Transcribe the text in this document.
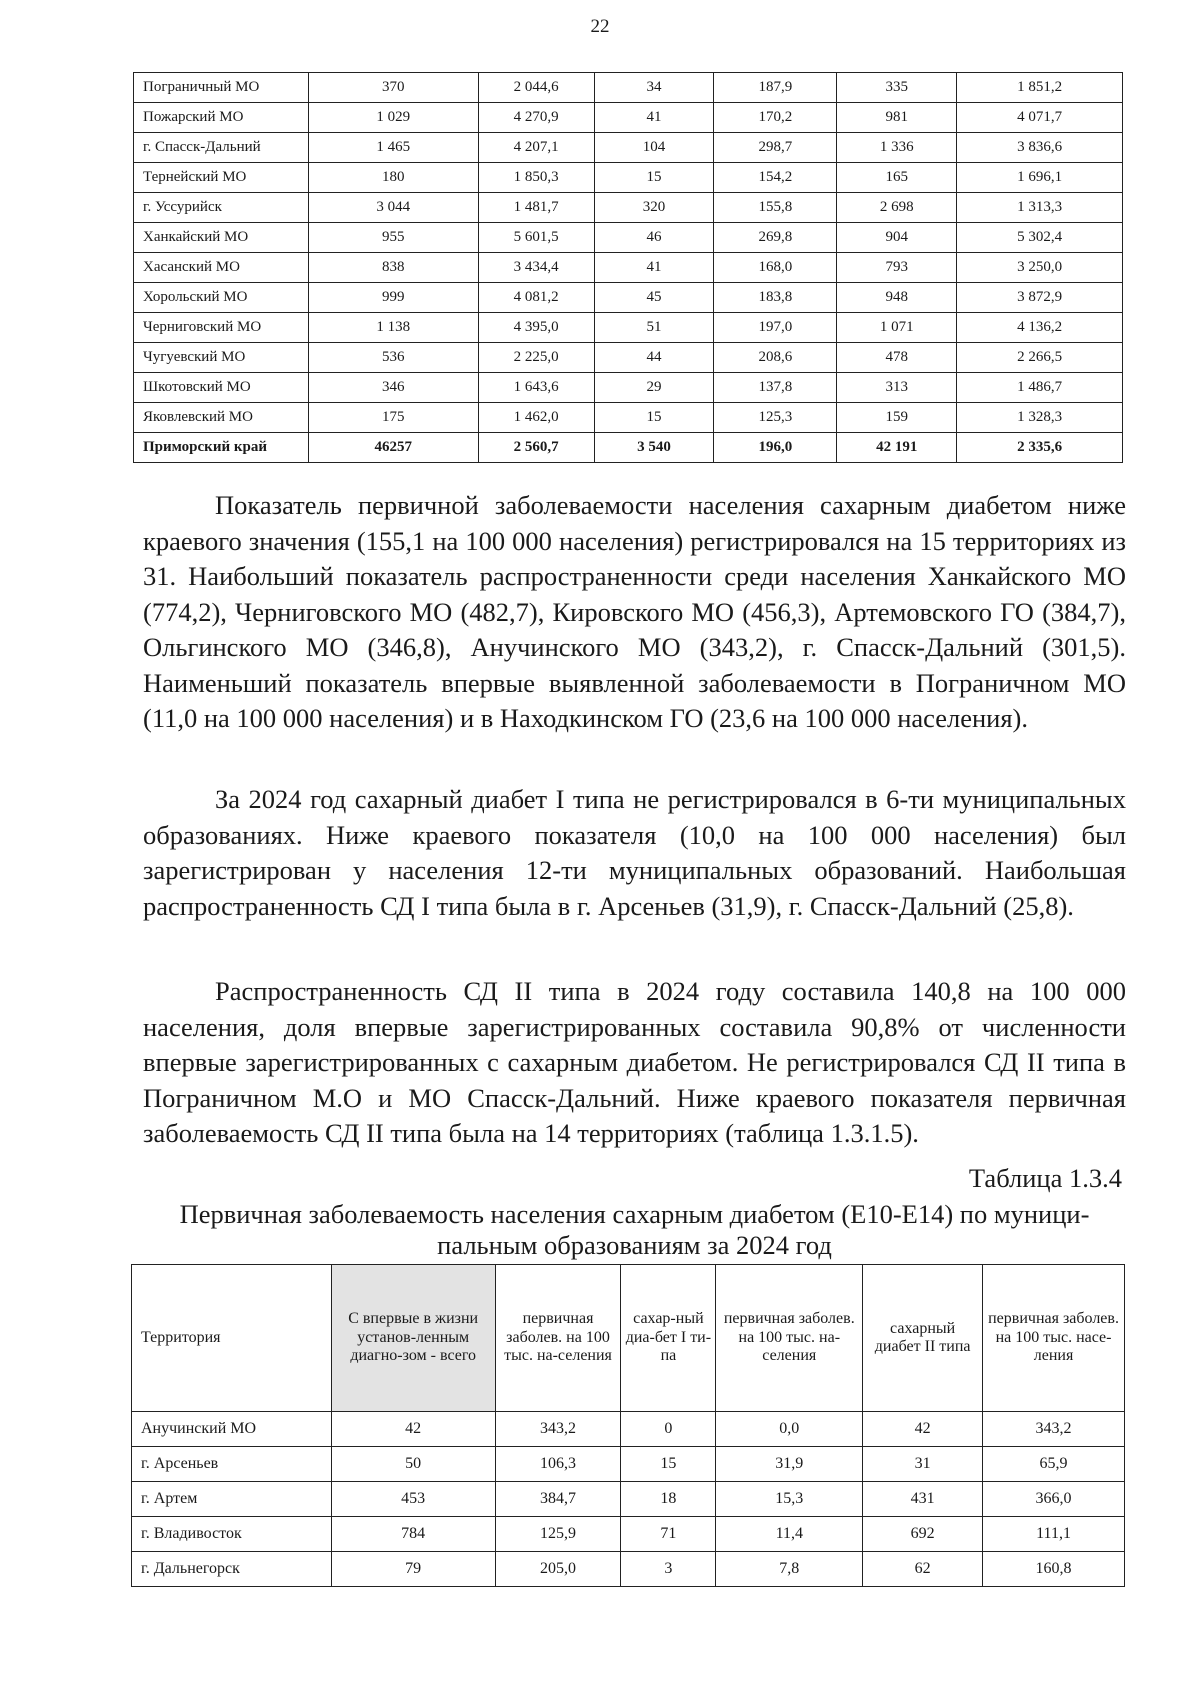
22
Пограничный МО	370	2 044,6	34	187,9	335	1 851,2
Пожарский МО	1 029	4 270,9	41	170,2	981	4 071,7
г. Спасск-Дальний	1 465	4 207,1	104	298,7	1 336	3 836,6
Тернейский МО	180	1 850,3	15	154,2	165	1 696,1
г. Уссурийск	3 044	1 481,7	320	155,8	2 698	1 313,3
Ханкайский МО	955	5 601,5	46	269,8	904	5 302,4
Хасанский МО	838	3 434,4	41	168,0	793	3 250,0
Хорольский МО	999	4 081,2	45	183,8	948	3 872,9
Черниговский МО	1 138	4 395,0	51	197,0	1 071	4 136,2
Чугуевский МО	536	2 225,0	44	208,6	478	2 266,5
Шкотовский МО	346	1 643,6	29	137,8	313	1 486,7
Яковлевский МО	175	1 462,0	15	125,3	159	1 328,3
Приморский край	46257	2 560,7	3 540	196,0	42 191	2 335,6

Показатель первичной заболеваемости населения сахарным диабетом ниже краевого значения (155,1 на 100 000 населения) регистрировался на 15 территориях из 31. Наибольший показатель распространенности среди населения Ханкайского МО (774,2), Черниговского МО (482,7), Кировского МО (456,3), Артемовского ГО (384,7), Ольгинского МО (346,8), Анучинского МО (343,2), г. Спасск-Дальний (301,5). Наименьший показатель впервые выявленной заболеваемости в Пограничном МО (11,0 на 100 000 населения) и в Находкинском ГО (23,6 на 100 000 населения).

За 2024 год сахарный диабет I типа не регистрировался в 6-ти муниципальных образованиях. Ниже краевого показателя (10,0 на 100 000 населения) был зарегистрирован у населения 12-ти муниципальных образований. Наибольшая распространенность СД I типа была в г. Арсеньев (31,9), г. Спасск-Дальний (25,8).

Распространенность СД II типа в 2024 году составила 140,8 на 100 000 населения, доля впервые зарегистрированных составила 90,8% от численности впервые зарегистрированных с сахарным диабетом. Не регистрировался СД II типа в Пограничном М.О и МО Спасск-Дальний. Ниже краевого показателя первичная заболеваемость СД II типа была на 14 территориях (таблица 1.3.1.5).

Таблица 1.3.4

Первичная заболеваемость населения сахарным диабетом (Е10-Е14) по муници-
пальным образованиям за 2024 год

Территория	С впервые в жизни установ-ленным диагно-зом - всего	первичная заболев. на 100 тыс. на-селения	сахар-ный диа-бет I ти-па	первичная заболев. на 100 тыс. на-селения	сахарный диабет II типа	первичная заболев. на 100 тыс. насе-ления
Анучинский МО	42	343,2	0	0,0	42	343,2
г. Арсеньев	50	106,3	15	31,9	31	65,9
г. Артем	453	384,7	18	15,3	431	366,0
г. Владивосток	784	125,9	71	11,4	692	111,1
г. Дальнегорск	79	205,0	3	7,8	62	160,8
